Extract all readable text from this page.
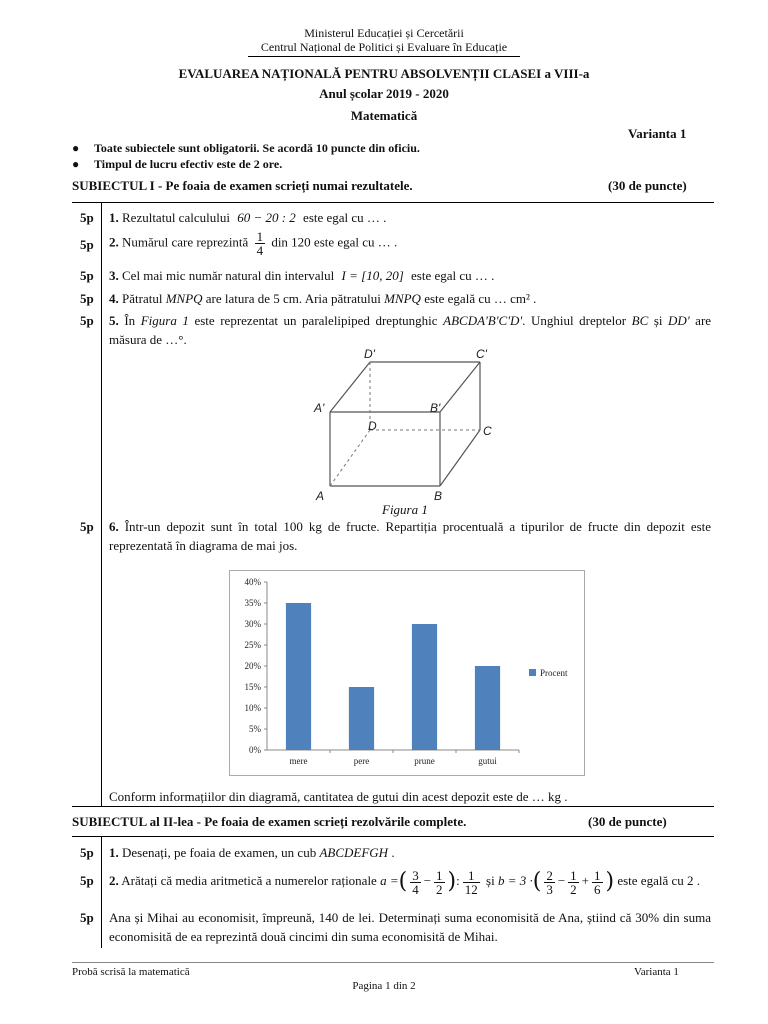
Ministerul Educației și Cercetării
Centrul Național de Politici și Evaluare în Educație
EVALUAREA NAȚIONALĂ PENTRU ABSOLVENȚII CLASEI a VIII-a
Anul școlar 2019 - 2020
Matematică
Varianta 1
● Toate subiectele sunt obligatorii. Se acordă 10 puncte din oficiu.
● Timpul de lucru efectiv este de 2 ore.
SUBIECTUL I - Pe foaia de examen scrieți numai rezultatele.	(30 de puncte)
5p 1. Rezultatul calculului 60 − 20 : 2 este egal cu … .
5p 2. Numărul care reprezintă $\frac{1}{4}$ din 120 este egal cu … .
5p 3. Cel mai mic număr natural din intervalul I = [10, 20] este egal cu … .
5p 4. Pătratul MNPQ are latura de 5 cm. Aria pătratului MNPQ este egală cu … cm² .
5p 5. În Figura 1 este reprezentat un paralelipiped dreptunghic ABCDA'B'C'D'. Unghiul dreptelor BC și DD' are măsura de …°.
A	B
C
D
A'	B'
C'
D'
Figura 1
5p 6. Într-un depozit sunt în total 100 kg de fructe. Repartiția procentuală a tipurilor de fructe din depozit este reprezentată în diagrama de mai jos.
0%
5%
10%
15%
20%
25%
30%
35%
40%
mere	pere	prune	gutui
Procent
Conform informațiilor din diagramă, cantitatea de gutui din acest depozit este de … kg .
SUBIECTUL al II-lea - Pe foaia de examen scrieți rezolvările complete.	(30 de puncte)
5p 1. Desenați, pe foaia de examen, un cub ABCDEFGH .
5p 2. Arătați că media aritmetică a numerelor raționale a =( $\frac{3}{4} - \frac{1}{2}$ ): $\frac{1}{12}$ și b = 3 ·( $\frac{2}{3} - \frac{1}{2} + \frac{1}{6}$ ) este egală cu 2 .
5p Ana și Mihai au economisit, împreună, 140 de lei. Determinați suma economisită de Ana, știind că 30% din suma economisită de ea reprezintă două cincimi din suma economisită de Mihai.
Probă scrisă la matematică	Varianta 1
Pagina 1 din 2
